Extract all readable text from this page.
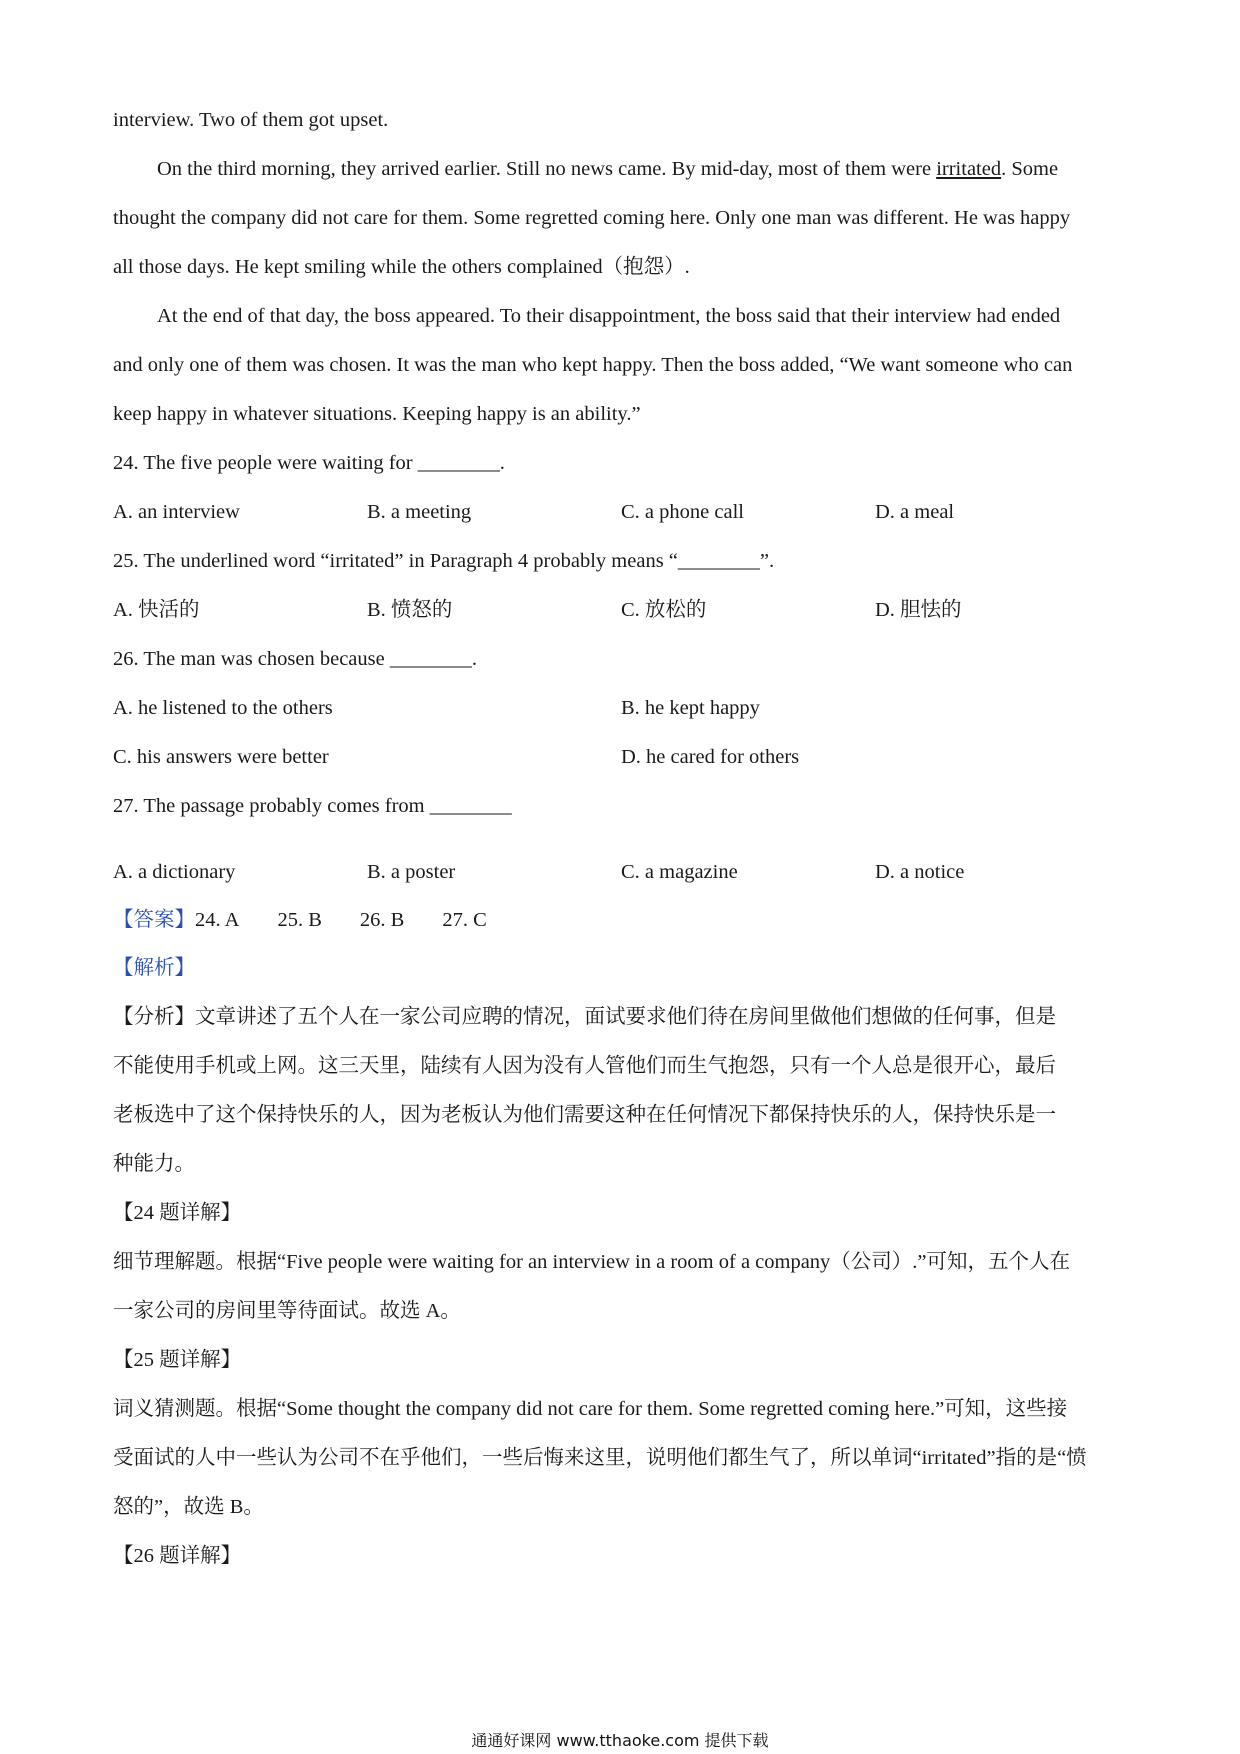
interview. Two of them got upset.
On the third morning, they arrived earlier. Still no news came. By mid-day, most of them were irritated. Some
thought the company did not care for them. Some regretted coming here. Only one man was different. He was happy
all those days. He kept smiling while the others complained（抱怨）.
At the end of that day, the boss appeared. To their disappointment, the boss said that their interview had ended
and only one of them was chosen. It was the man who kept happy. Then the boss added, “We want someone who can
keep happy in whatever situations. Keeping happy is an ability.”
24. The five people were waiting for ________.
A. an interview	B. a meeting	C. a phone call	D. a meal
25. The underlined word “irritated” in Paragraph 4 probably means “________”.
A. 快活的	B. 愤怒的	C. 放松的	D. 胆怯的
26. The man was chosen because ________.
A. he listened to the others	B. he kept happy
C. his answers were better	D. he cared for others
27. The passage probably comes from ________
A. a dictionary	B. a poster	C. a magazine	D. a notice
【答案】24. A 25. B 26. B 27. C
【解析】
【分析】文章讲述了五个人在一家公司应聘的情况，面试要求他们待在房间里做他们想做的任何事，但是
不能使用手机或上网。这三天里，陆续有人因为没有人管他们而生气抱怨，只有一个人总是很开心，最后
老板选中了这个保持快乐的人，因为老板认为他们需要这种在任何情况下都保持快乐的人，保持快乐是一
种能力。
【24 题详解】
细节理解题。根据“Five people were waiting for an interview in a room of a company（公司）.”可知，五个人在
一家公司的房间里等待面试。故选 A。
【25 题详解】
词义猜测题。根据“Some thought the company did not care for them. Some regretted coming here.”可知，这些接
受面试的人中一些认为公司不在乎他们，一些后悔来这里，说明他们都生气了，所以单词“irritated”指的是“愤
怒的”，故选 B。
【26 题详解】
通通好课网 www.tthaoke.com 提供下载
